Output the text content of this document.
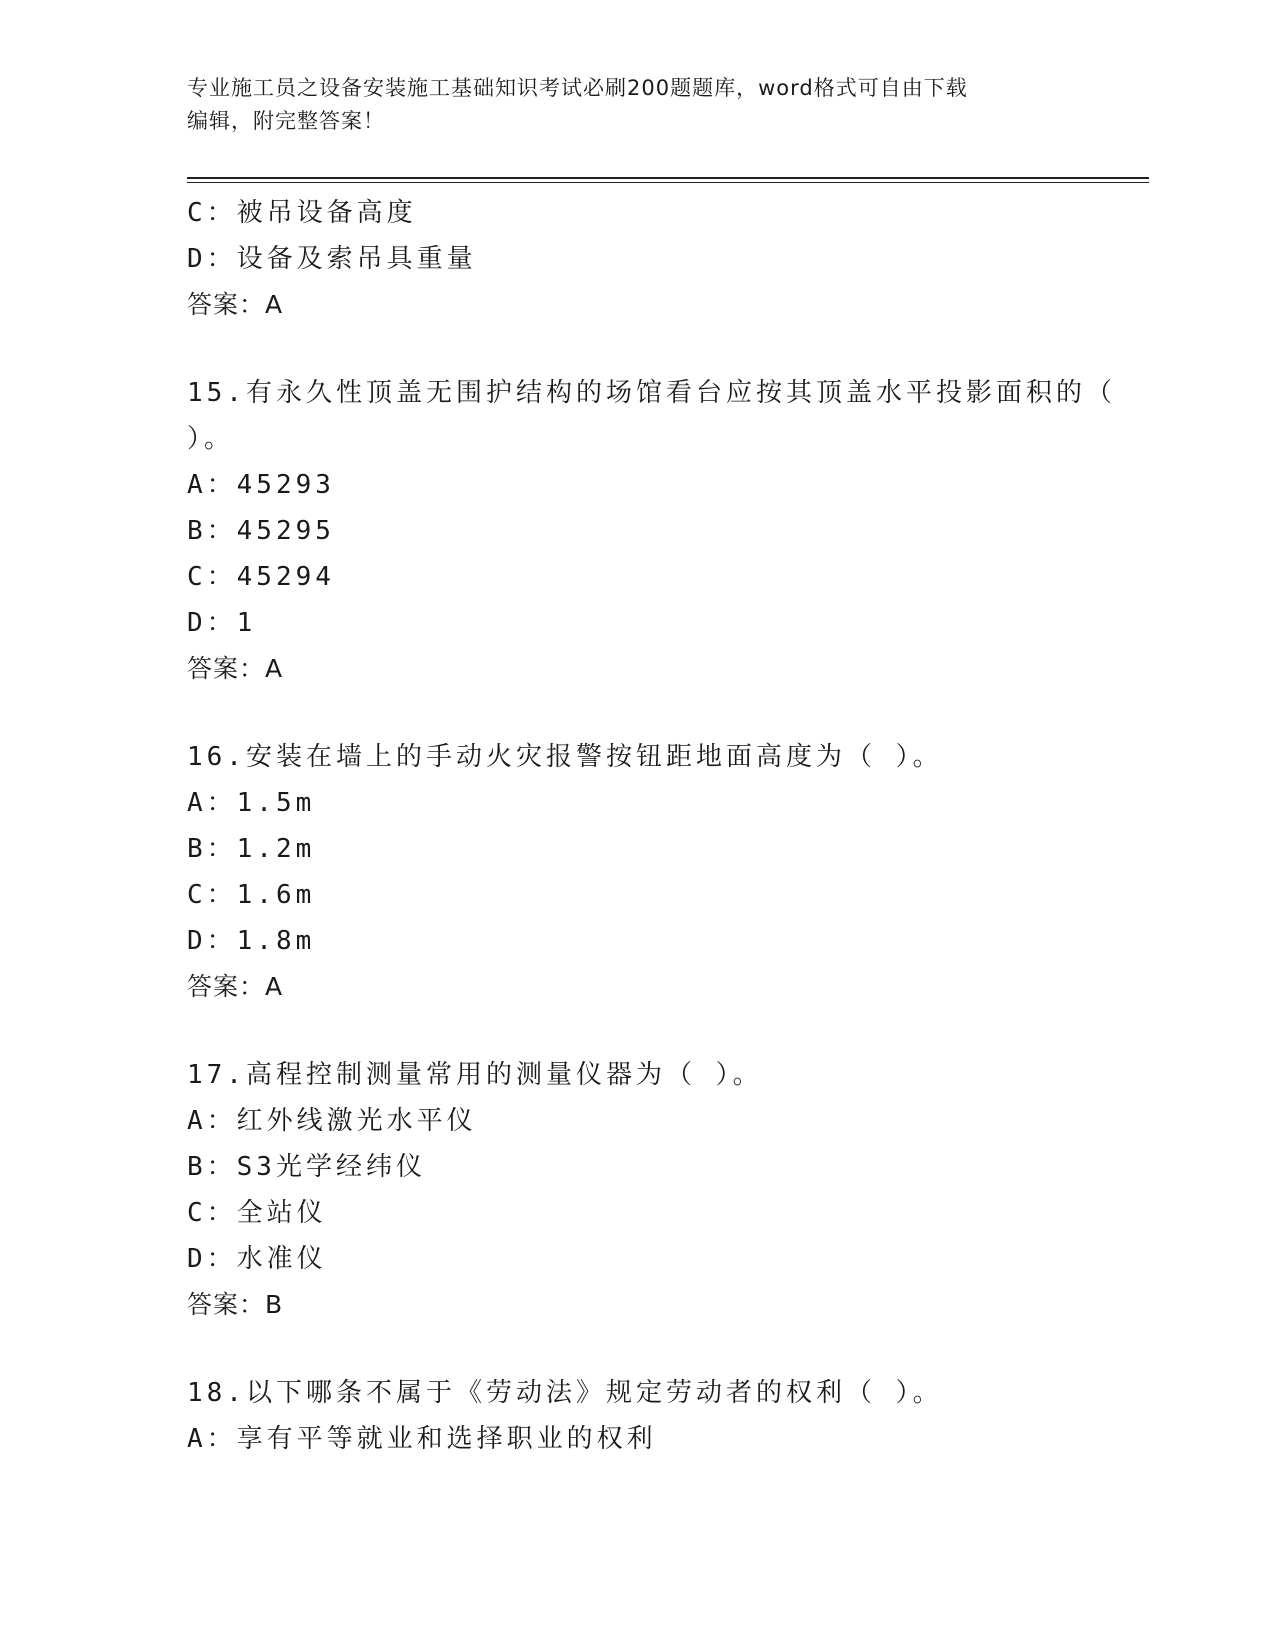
专业施工员之设备安装施工基础知识考试必刷200题题库，word格式可自由下载
编辑，附完整答案！
C：被吊设备高度
D：设备及索吊具重量
答案：A
15.有永久性顶盖无围护结构的场馆看台应按其顶盖水平投影面积的（
）。
A：45293
B：45295
C：45294
D：1
答案：A
16.安装在墙上的手动火灾报警按钮距地面高度为（ ）。
A：1.5m
B：1.2m
C：1.6m
D：1.8m
答案：A
17.高程控制测量常用的测量仪器为（ ）。
A：红外线激光水平仪
B：S3光学经纬仪
C：全站仪
D：水准仪
答案：B
18.以下哪条不属于《劳动法》规定劳动者的权利（ ）。
A：享有平等就业和选择职业的权利
